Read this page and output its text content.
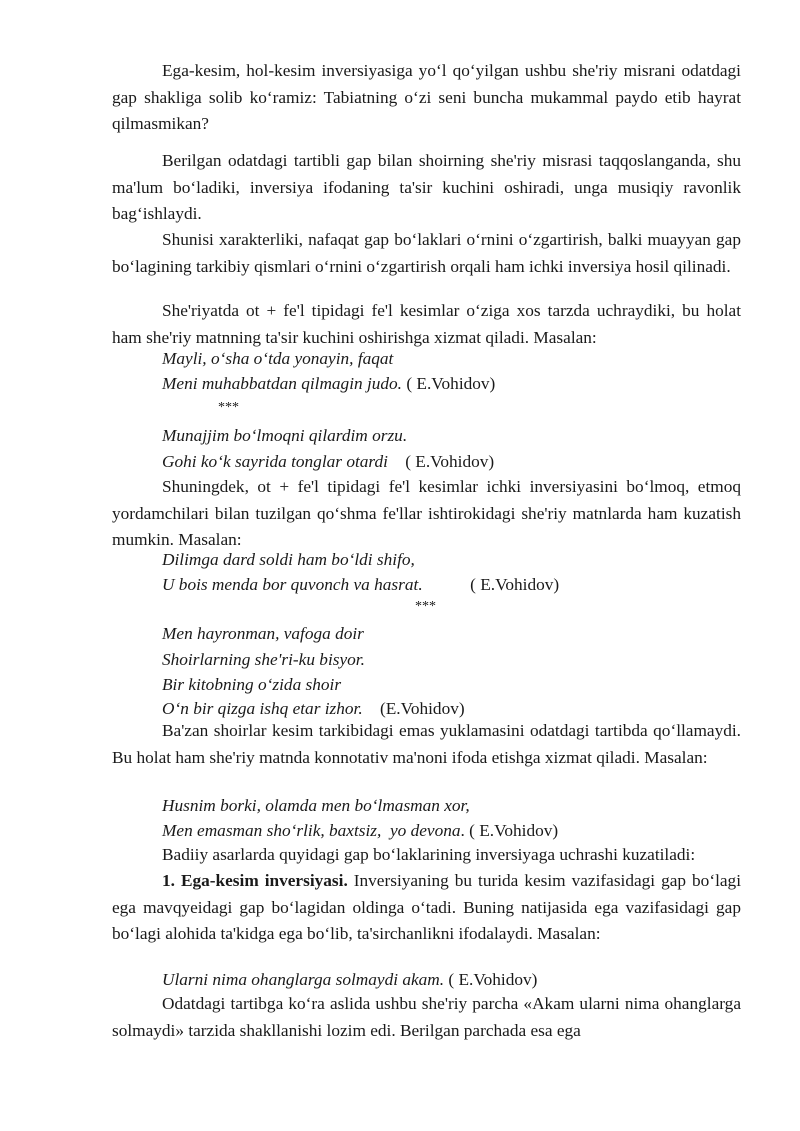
Ega-kesim, hol-kesim inversiyasiga yo‘l qo‘yilgan ushbu she'riy misrani odatdagi gap shakliga solib ko‘ramiz: Tabiatning o‘zi seni buncha mukammal paydo etib hayrat qilmasmikan?

Berilgan odatdagi tartibli gap bilan shoirning she'riy misrasi taqqoslanganda, shu ma'lum bo‘ladiki, inversiya ifodaning ta'sir kuchini oshiradi, unga musiqiy ravonlik bag‘ishlaydi.

Shunisi xarakterliki, nafaqat gap bo‘laklari o‘rnini o‘zgartirish, balki muayyan gap bo‘lagining tarkibiy qismlari o‘rnini o‘zgartirish orqali ham ichki inversiya hosil qilinadi.

She'riyatda ot + fe'l tipidagi fe'l kesimlar o‘ziga xos tarzda uchraydiki, bu holat ham she'riy matnning ta'sir kuchini oshirishga xizmat qiladi. Masalan:

Mayli, o‘sha o‘tda yonayin, faqat

Meni muhabbatdan qilmagin judo. ( E.Vohidov)

***

Munajjim bo‘lmoqni qilardim orzu.

Gohi ko‘k sayrida tonglar otardi    ( E.Vohidov)

Shuningdek, ot + fe'l tipidagi fe'l kesimlar ichki inversiyasini bo‘lmoq, etmoq yordamchilari bilan tuzilgan qo‘shma fe'llar ishtirokidagi she'riy matnlarda ham kuzatish mumkin. Masalan:

Dilimga dard soldi ham bo‘ldi shifo,

U bois menda bor quvonch va hasrat.           ( E.Vohidov)

***

Men hayronman, vafoga doir

Shoirlarning she'ri-ku bisyor.

Bir kitobning o‘zida shoir

O‘n bir qizga ishq etar izhor.    (E.Vohidov)

Ba'zan shoirlar kesim tarkibidagi emas yuklamasini odatdagi tartibda qo‘llamaydi. Bu holat ham she'riy matnda konnotativ ma'noni ifoda etishga xizmat qiladi. Masalan:

Husnim borki, olamda men bo‘lmasman xor,

Men emasman sho‘rlik, baxtsiz,  yo devona. ( E.Vohidov)

Badiiy asarlarda quyidagi gap bo‘laklarining inversiyaga uchrashi kuzatiladi:

1. Ega-kesim inversiyasi. Inversiyaning bu turida kesim vazifasidagi gap bo‘lagi ega mavqyeidagi gap bo‘lagidan oldinga o‘tadi. Buning natijasida ega vazifasidagi gap bo‘lagi alohida ta'kidga ega bo‘lib, ta'sirchanlikni ifodalaydi. Masalan:

Ularni nima ohanglarga solmaydi akam. ( E.Vohidov)

Odatdagi tartibga ko‘ra aslida ushbu she'riy parcha «Akam ularni nima ohanglarga solmaydi» tarzida shakllanishi lozim edi. Berilgan parchada esa ega
